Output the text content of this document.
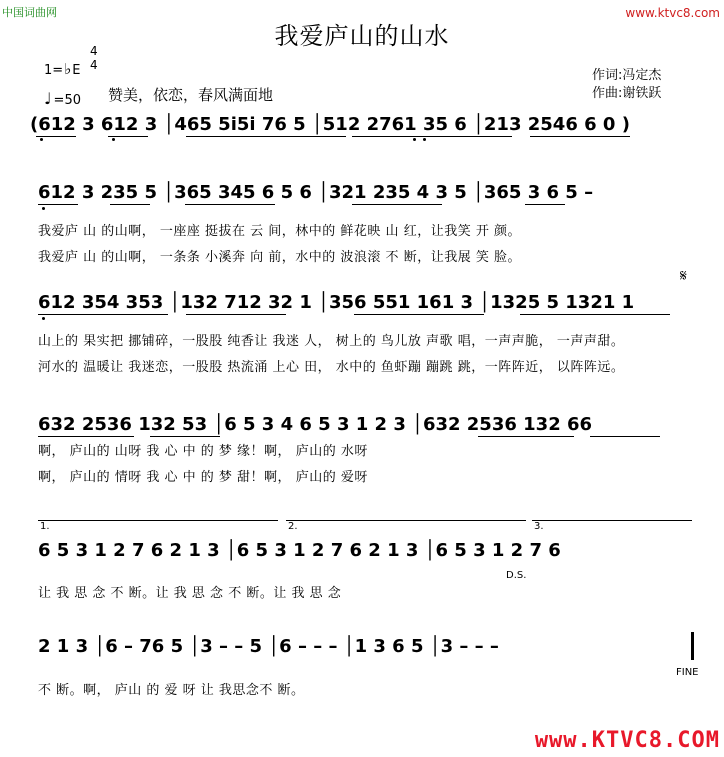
中国词曲网	www.ktvc8.com
我爱庐山的山水
1=♭E
4
4
♩ =50 赞美，依恋，春风满面地
作词:冯定杰
作曲:谢铁跃
(612 3 612 3 │465 5i5i 76 5 │512 2761 35 6 │213 2546 6 0 )
612 3 235 5 │365 345 6 5 6 │321 235 4 3 5 │365 3 6 5 –
我爱庐 山 的山啊， 一座座 挺拔在 云 间，林中的 鲜花映 山 红，让我笑 开 颜。
我爱庐 山 的山啊， 一条条 小溪奔 向 前，水中的 波浪滚 不 断，让我展 笑 脸。
612 354 353 │132 712 32 1 │356 551 161 3 │1325 5 1321 1
𝄋
山上的 果实把 挪铺碎，一股股 纯香让 我迷 人， 树上的 鸟儿放 声歌 唱，一声声脆， 一声声甜。
河水的 温暖让 我迷恋，一股股 热流涌 上心 田， 水中的 鱼虾蹦 蹦跳 跳，一阵阵近， 以阵阵远。
632 2536 132 53 │6 5 3 4 6 5 3 1 2 3 │632 2536 132 66
啊， 庐山的 山呀 我 心 中 的 梦 缘！啊， 庐山的 水呀
啊， 庐山的 情呀 我 心 中 的 梦 甜！啊， 庐山的 爱呀
1.	2.	3.
6 5 3 1 2 7 6 2 1 3 │6 5 3 1 2 7 6 2 1 3 │6 5 3 1 2 7 6
D.S.
让 我 思 念 不 断。让 我 思 念 不 断。让 我 思 念
2 1 3 │6 – 76 5 │3 – – 5 │6 – – – │1 3 6 5 │3 – – –
FINE
不 断。啊， 庐山 的 爱 呀 让 我思念不 断。
www.KTVC8.COM
